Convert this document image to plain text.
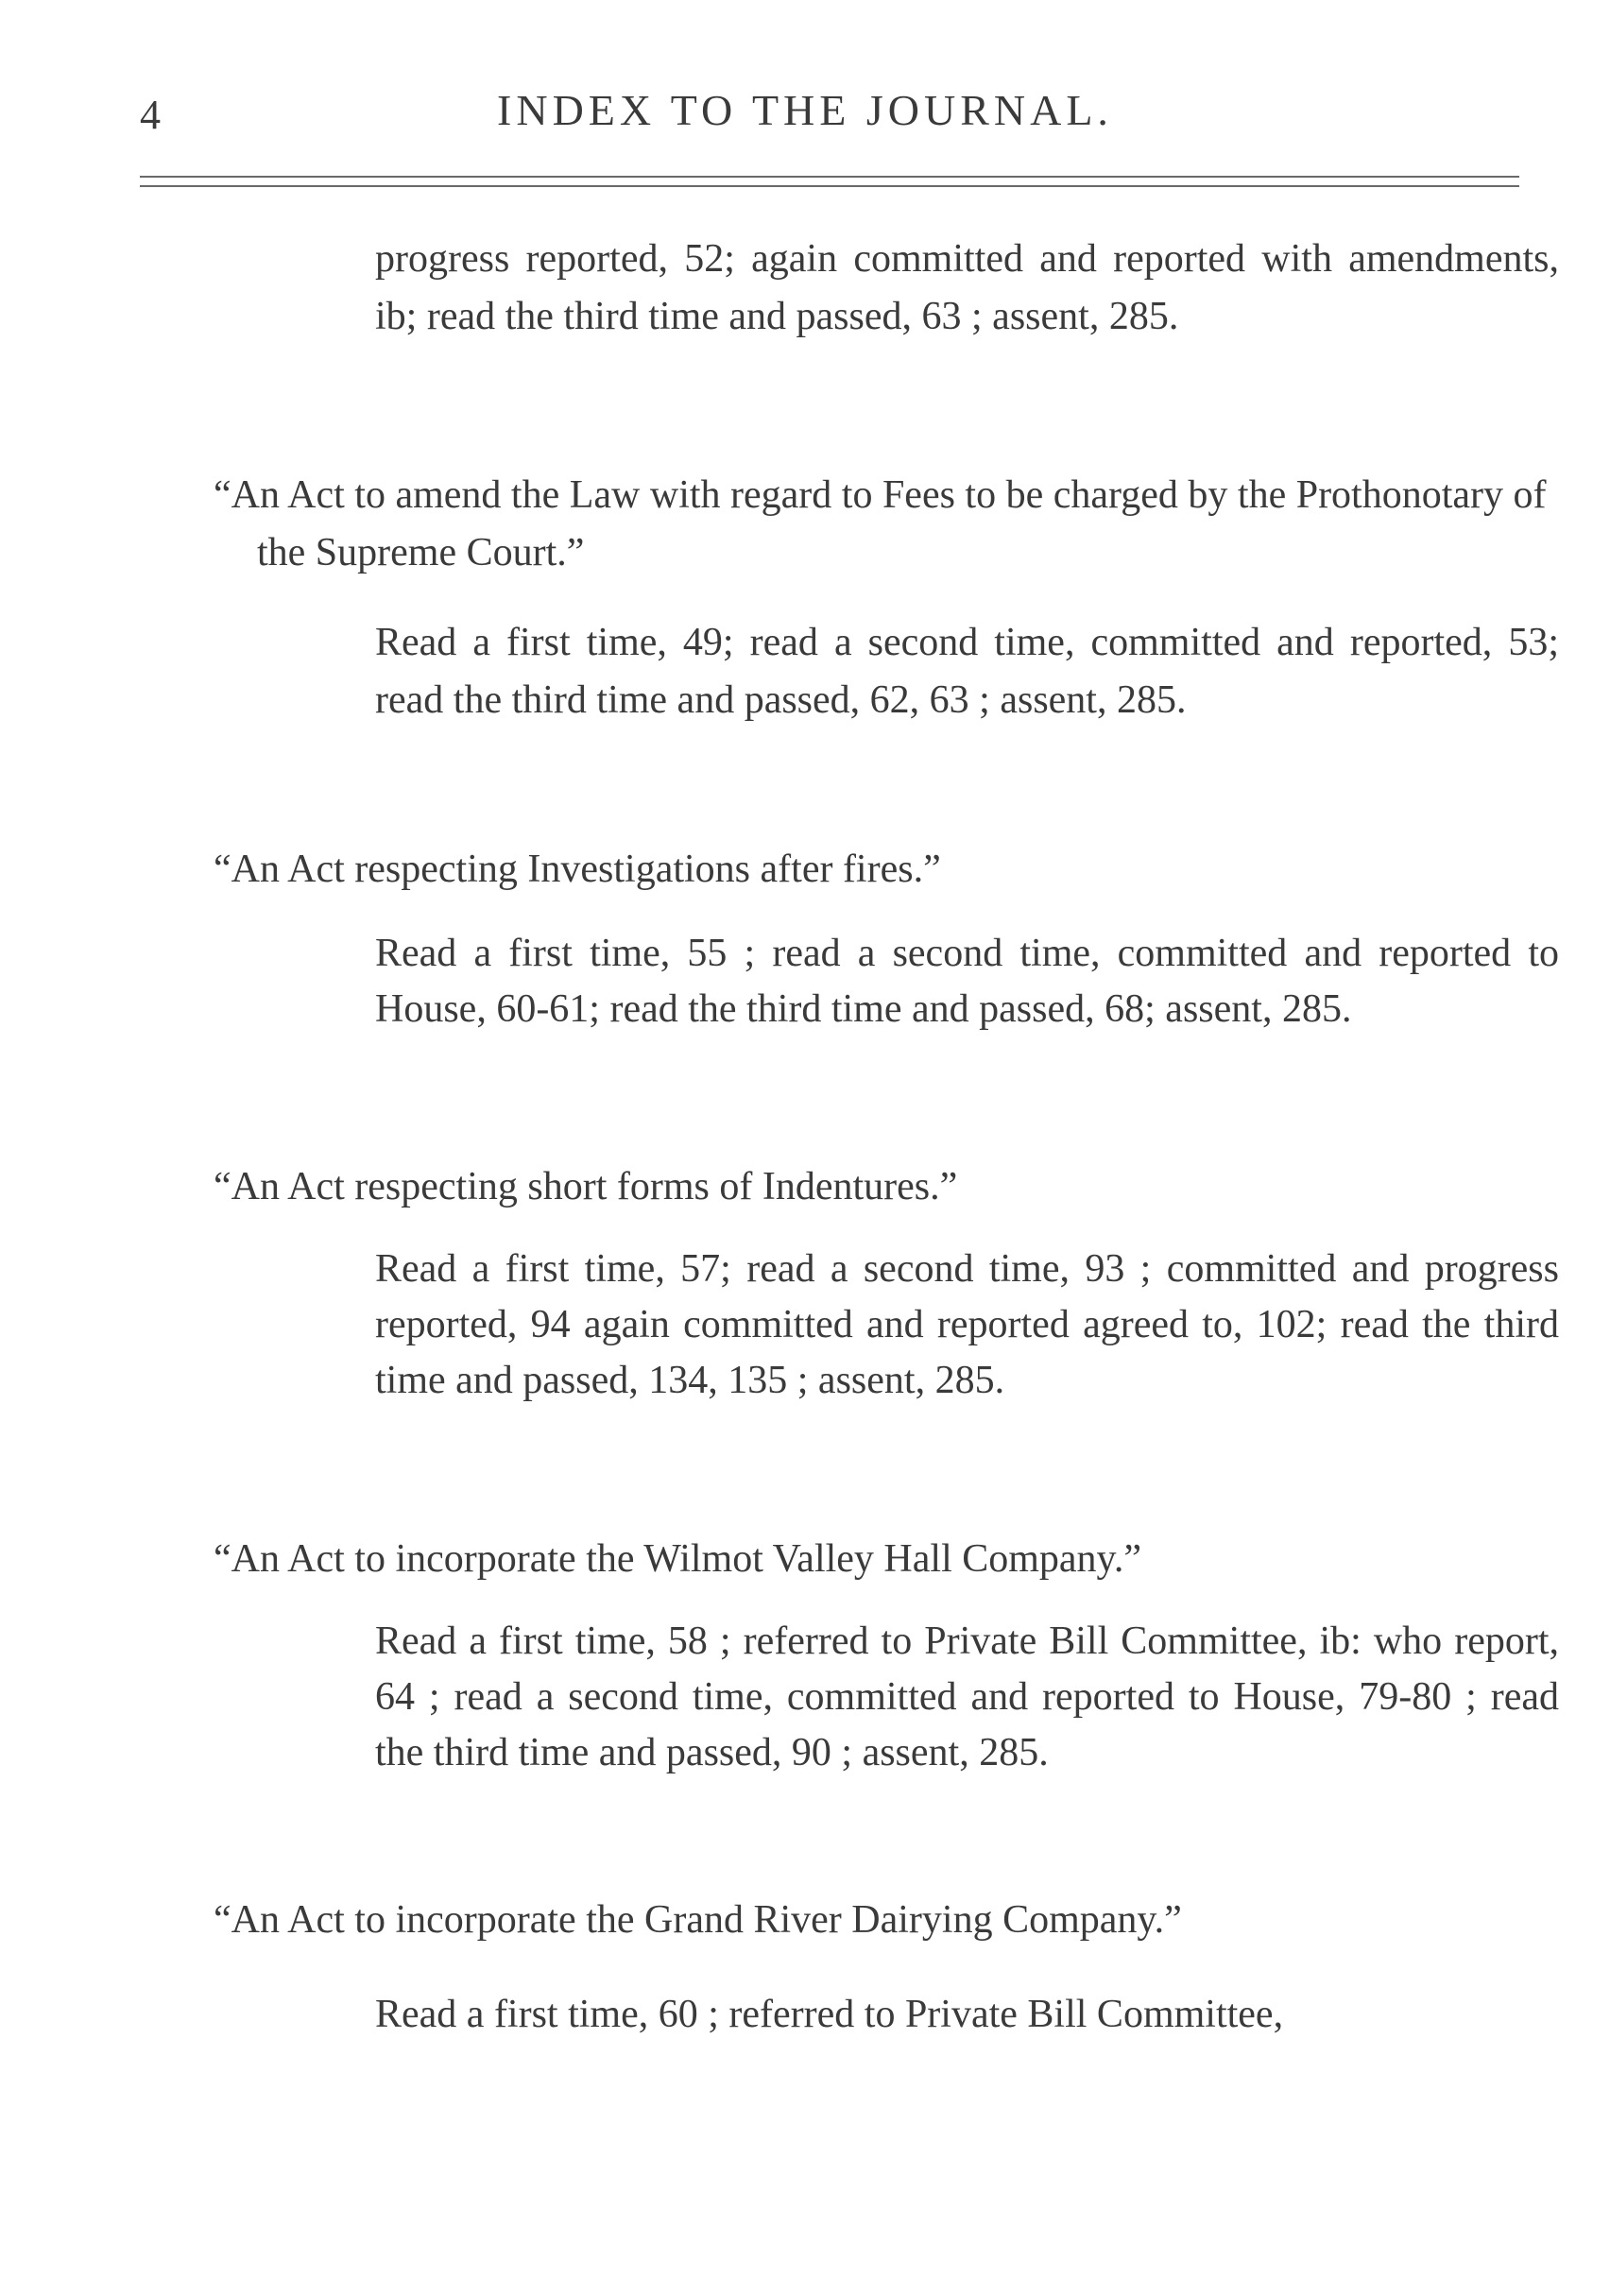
4	INDEX TO THE JOURNAL.

progress reported, 52; again committed and reported with amendments, ib; read the third time and passed, 63 ; assent, 285.

“An Act to amend the Law with regard to Fees to be charged by the Prothonotary of the Supreme Court.”

Read a first time, 49; read a second time, committed and reported, 53; read the third time and passed, 62, 63 ; assent, 285.

“An Act respecting Investigations after fires.”

Read a first time, 55 ; read a second time, committed and reported to House, 60-61; read the third time and passed, 68; assent, 285.

“An Act respecting short forms of Indentures.”

Read a first time, 57; read a second time, 93 ; committed and progress reported, 94 again committed and reported agreed to, 102; read the third time and passed, 134, 135 ; assent, 285.

“An Act to incorporate the Wilmot Valley Hall Company.”

Read a first time, 58 ; referred to Private Bill Committee, ib: who report, 64 ; read a second time, committed and reported to House, 79-80 ; read the third time and passed, 90 ; assent, 285.

“An Act to incorporate the Grand River Dairying Company.”

Read a first time, 60 ; referred to Private Bill Committee,
